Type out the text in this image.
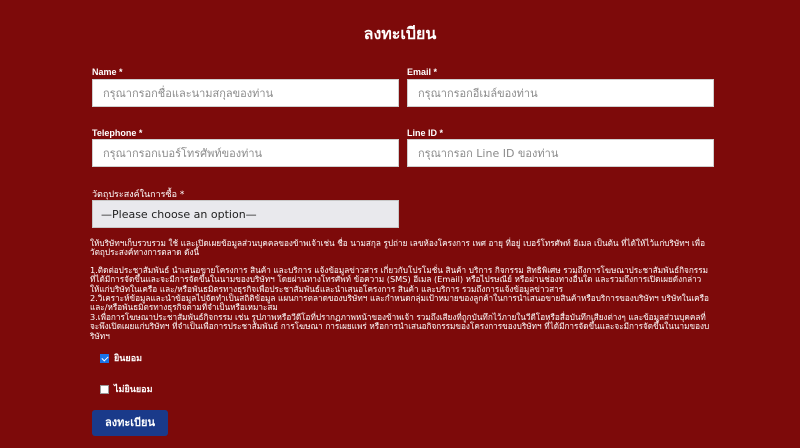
ลงทะเบียน
Name *
กรุณากรอกชื่อและนามสกุลของท่าน
Email *
กรุณากรอกอีเมล์ของท่าน
Telephone *
กรุณากรอกเบอร์โทรศัพท์ของท่าน
Line ID *
กรุณากรอก Line ID ของท่าน
วัตถุประสงค์ในการซื้อ *
—Please choose an option—
ให้บริษัทฯเก็บรวบรวม ใช้ และเปิดเผยข้อมูลส่วนบุคคลของข้าพเจ้าเช่น ชื่อ นามสกุล รูปถ่าย เลขห้องโครงการ เพศ อายุ ที่อยู่ เบอร์โทรศัพท์ อีเมล เป็นต้น ที่ได้ให้ไว้แก่บริษัทฯ เพื่อวัตถุประสงค์ทางการตลาด ดังนี้
1.ติดต่อประชาสัมพันธ์ นำเสนอขายโครงการ สินค้า และบริการ แจ้งข้อมูลข่าวสาร เกี่ยวกับโปรโมชั่น สินค้า บริการ กิจกรรม สิทธิพิเศษ รวมถึงการโฆษณาประชาสัมพันธ์กิจกรรมที่ได้มีการจัดขึ้นและจะมีการจัดขึ้นในนามของบริษัทฯ โดยผ่านทางโทรศัพท์ ข้อความ (SMS) อีเมล (Email) หรือไปรษณีย์ หรือผ่านช่องทางอื่นใด และรวมถึงการเปิดเผยดังกล่าวให้แก่บริษัทในเครือ และ/หรือพันธมิตรทางธุรกิจเพื่อประชาสัมพันธ์และนำเสนอโครงการ สินค้า และบริการ รวมถึงการแจ้งข้อมูลข่าวสาร
2.วิเคราะห์ข้อมูลและนำข้อมูลไปจัดทำเป็นสถิติข้อมูล แผนการตลาดของบริษัทฯ และกำหนดกลุ่มเป้าหมายของลูกค้าในการนำเสนอขายสินค้าหรือบริการของบริษัทฯ บริษัทในเครือ และ/หรือพันธมิตรทางธุรกิจตามที่จำเป็นหรือเหมาะสม
3.เพื่อการโฆษณาประชาสัมพันธ์กิจกรรม เช่น รูปภาพหรือวีดีโอที่ปรากฏภาพหน้าของข้าพเจ้า รวมถึงเสียงที่ถูกบันทึกไว้ภายในวีดีโอหรือสื่อบันทึกเสียงต่างๆ และข้อมูลส่วนบุคคลที่จะพึงเปิดเผยแก่บริษัทฯ ที่จำเป็นเพื่อการประชาสัมพันธ์ การโฆษณา การเผยแพร่ หรือการนำเสนอกิจกรรมของโครงการของบริษัทฯ ที่ได้มีการจัดขึ้นและจะมีการจัดขึ้นในนามของบริษัทฯ
ยินยอม
ไม่ยินยอม
ลงทะเบียน
